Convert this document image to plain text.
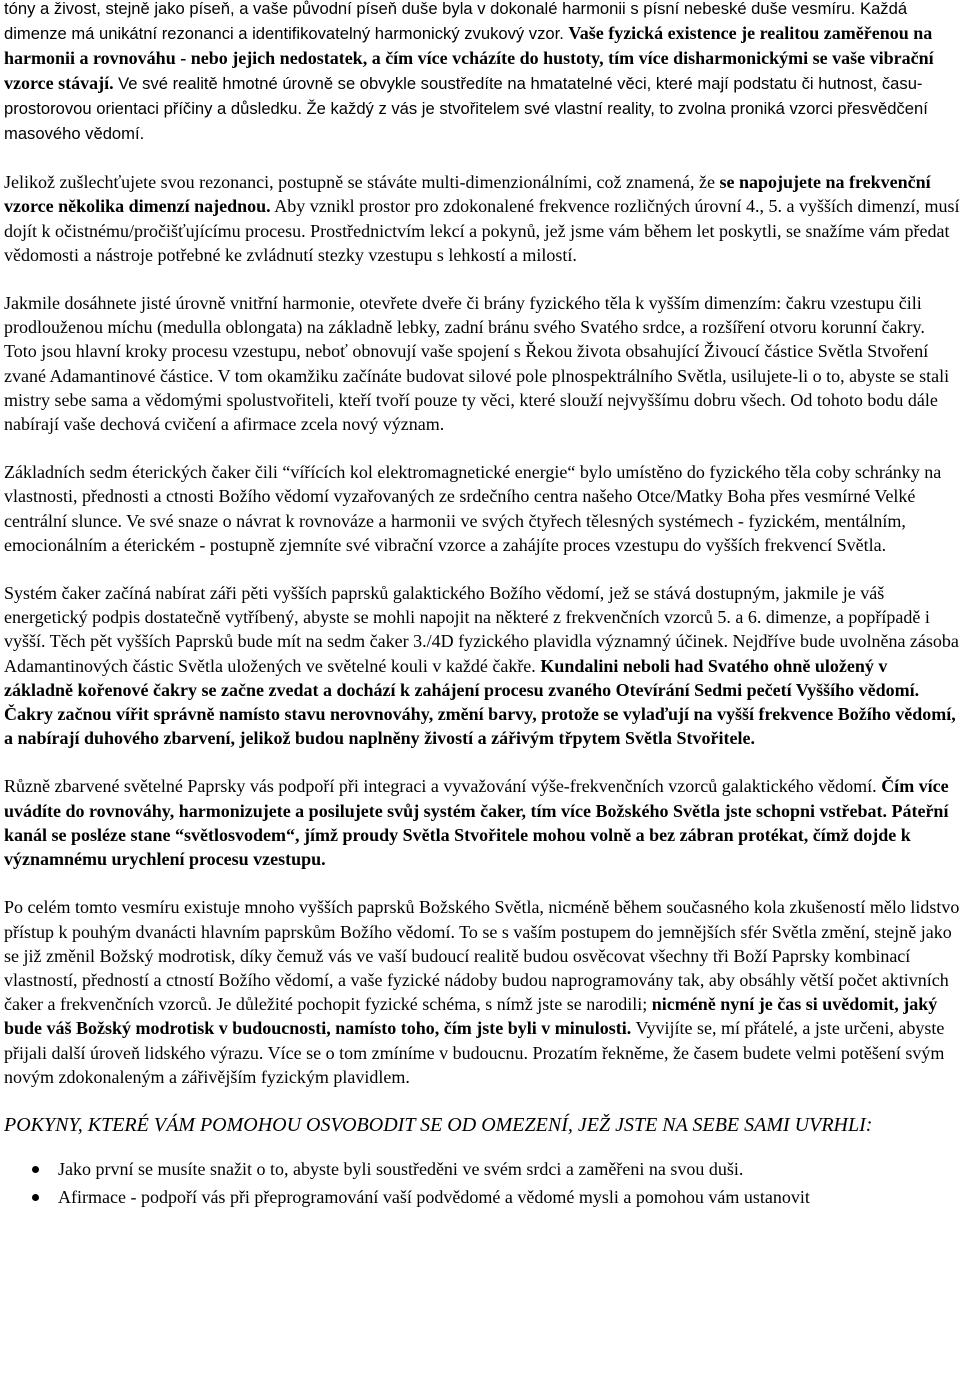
tóny a živost, stejně jako píseň, a vaše původní píseň duše byla v dokonalé harmonii s písní nebeské duše vesmíru. Každá dimenze má unikátní rezonanci a identifikovatelný harmonický zvukový vzor. Vaše fyzická existence je realitou zaměřenou na harmonii a rovnováhu - nebo jejich nedostatek, a čím více vcházíte do hustoty, tím více disharmonickými se vaše vibrační vzorce stávají. Ve své realitě hmotné úrovně se obvykle soustředíte na hmatatelné věci, které mají podstatu či hutnost, času-prostorovou orientaci příčiny a důsledku. Že každý z vás je stvořitelem své vlastní reality, to zvolna proniká vzorci přesvědčení masového vědomí.

Jelikož zušlechťujete svou rezonanci, postupně se stáváte multi-dimenzionálními, což znamená, že se napojujete na frekvenční vzorce několika dimenzí najednou. Aby vznikl prostor pro zdokonalené frekvence rozličných úrovní 4., 5. a vyšších dimenzí, musí dojít k očistnému/pročišťujícímu procesu. Prostřednictvím lekcí a pokynů, jež jsme vám během let poskytli, se snažíme vám předat vědomosti a nástroje potřebné ke zvládnutí stezky vzestupu s lehkostí a milostí.

Jakmile dosáhnete jisté úrovně vnitřní harmonie, otevřete dveře či brány fyzického těla k vyšším dimenzím: čakru vzestupu čili prodlouženou míchu (medulla oblongata) na základně lebky, zadní bránu svého Svatého srdce, a rozšíření otvoru korunní čakry. Toto jsou hlavní kroky procesu vzestupu, neboť obnovují vaše spojení s Řekou života obsahující Živoucí částice Světla Stvoření zvané Adamantinové částice. V tom okamžiku začínáte budovat silové pole plnospektrálního Světla, usilujete-li o to, abyste se stali mistry sebe sama a vědomými spolustvořiteli, kteří tvoří pouze ty věci, které slouží nejvyššímu dobru všech. Od tohoto bodu dále nabírají vaše dechová cvičení a afirmace zcela nový význam.

Základních sedm éterických čaker čili “vířících kol elektromagnetické energie“ bylo umístěno do fyzického těla coby schránky na vlastnosti, přednosti a ctnosti Božího vědomí vyzařovaných ze srdečního centra našeho Otce/Matky Boha přes vesmírné Velké centrální slunce. Ve své snaze o návrat k rovnováze a harmonii ve svých čtyřech tělesných systémech - fyzickém, mentálním, emocionálním a éterickém - postupně zjemníte své vibrační vzorce a zahájíte proces vzestupu do vyšších frekvencí Světla.

Systém čaker začíná nabírat záři pěti vyšších paprsků galaktického Božího vědomí, jež se stává dostupným, jakmile je váš energetický podpis dostatečně vytříbený, abyste se mohli napojit na některé z frekvenčních vzorců 5. a 6. dimenze, a popřípadě i vyšší. Těch pět vyšších Paprsků bude mít na sedm čaker 3./4D fyzického plavidla významný účinek. Nejdříve bude uvolněna zásoba Adamantinových částic Světla uložených ve světelné kouli v každé čakře. Kundalini neboli had Svatého ohně uložený v základně kořenové čakry se začne zvedat a dochází k zahájení procesu zvaného Otevírání Sedmi pečetí Vyššího vědomí. Čakry začnou vířit správně namísto stavu nerovnováhy, změní barvy, protože se vylaďují na vyšší frekvence Božího vědomí, a nabírají duhového zbarvení, jelikož budou naplněny živostí a zářivým třpytem Světla Stvořitele.

Různě zbarvené světelné Paprsky vás podpoří při integraci a vyvažování výše-frekvenčních vzorců galaktického vědomí. Čím více uvádíte do rovnováhy, harmonizujete a posilujete svůj systém čaker, tím více Božského Světla jste schopni vstřebat. Páteřní kanál se posléze stane “světlosvodem“, jímž proudy Světla Stvořitele mohou volně a bez zábran protékat, čímž dojde k významnému urychlení procesu vzestupu.

Po celém tomto vesmíru existuje mnoho vyšších paprsků Božského Světla, nicméně během současného kola zkušeností mělo lidstvo přístup k pouhým dvanácti hlavním paprskům Božího vědomí. To se s vaším postupem do jemnějších sfér Světla změní, stejně jako se již změnil Božský modrotisk, díky čemuž vás ve vaší budoucí realitě budou osvěcovat všechny tři Boží Paprsky kombinací vlastností, předností a ctností Božího vědomí, a vaše fyzické nádoby budou naprogramovány tak, aby obsáhly větší počet aktivních čaker a frekvenčních vzorců. Je důležité pochopit fyzické schéma, s nímž jste se narodili; nicméně nyní je čas si uvědomit, jaký bude váš Božský modrotisk v budoucnosti, namísto toho, čím jste byli v minulosti. Vyvijíte se, mí přátelé, a jste určeni, abyste přijali další úroveň lidského výrazu. Více se o tom zmíníme v budoucnu. Prozatím řekněme, že časem budete velmi potěšení svým novým zdokonaleným a zářivějším fyzickým plavidlem.

POKYNY, KTERÉ VÁM POMOHOU OSVOBODIT SE OD OMEZENÍ, JEŽ JSTE NA SEBE SAMI UVRHLI:
Jako první se musíte snažit o to, abyste byli soustředěni ve svém srdci a zaměřeni na svou duši.
Afirmace - podpoří vás při přeprogramování vaší podvědomé a vědomé mysli a pomohou vám ustanovit
